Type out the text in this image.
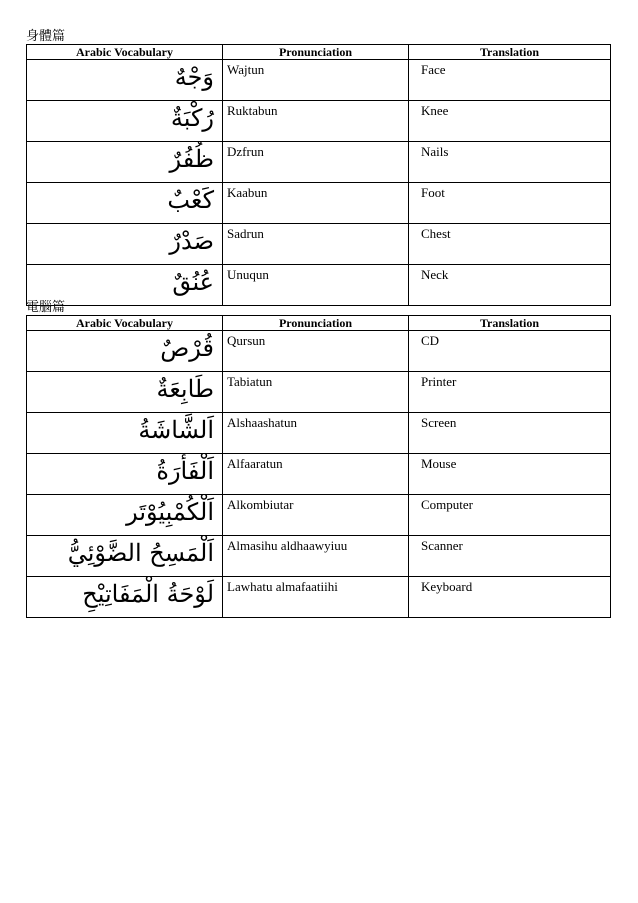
身體篇
Arabic Vocabulary	Pronunciation	Translation
وَجْهٌ	Wajtun	Face
رُكْبَةٌ	Ruktabun	Knee
ظُفُرٌ	Dzfrun	Nails
كَعْبٌ	Kaabun	Foot
صَدْرٌ	Sadrun	Chest
عُنُقٌ	Unuqun	Neck
電腦篇
Arabic Vocabulary	Pronunciation	Translation
قُرْصٌ	Qursun	CD
طَابِعَةٌ	Tabiatun	Printer
اَلشَّاشَةُ	Alshaashatun	Screen
اَلْفَأْرَةُ	Alfaaratun	Mouse
اَلْكُمْبِيُوْتَر	Alkombiutar	Computer
اَلْمَسِحُ الضَّوْئِيُّ	Almasihu aldhaawyiuu	Scanner
لَوْحَةُ الْمَفَاتِيْحِ	Lawhatu almafaatiihi	Keyboard
